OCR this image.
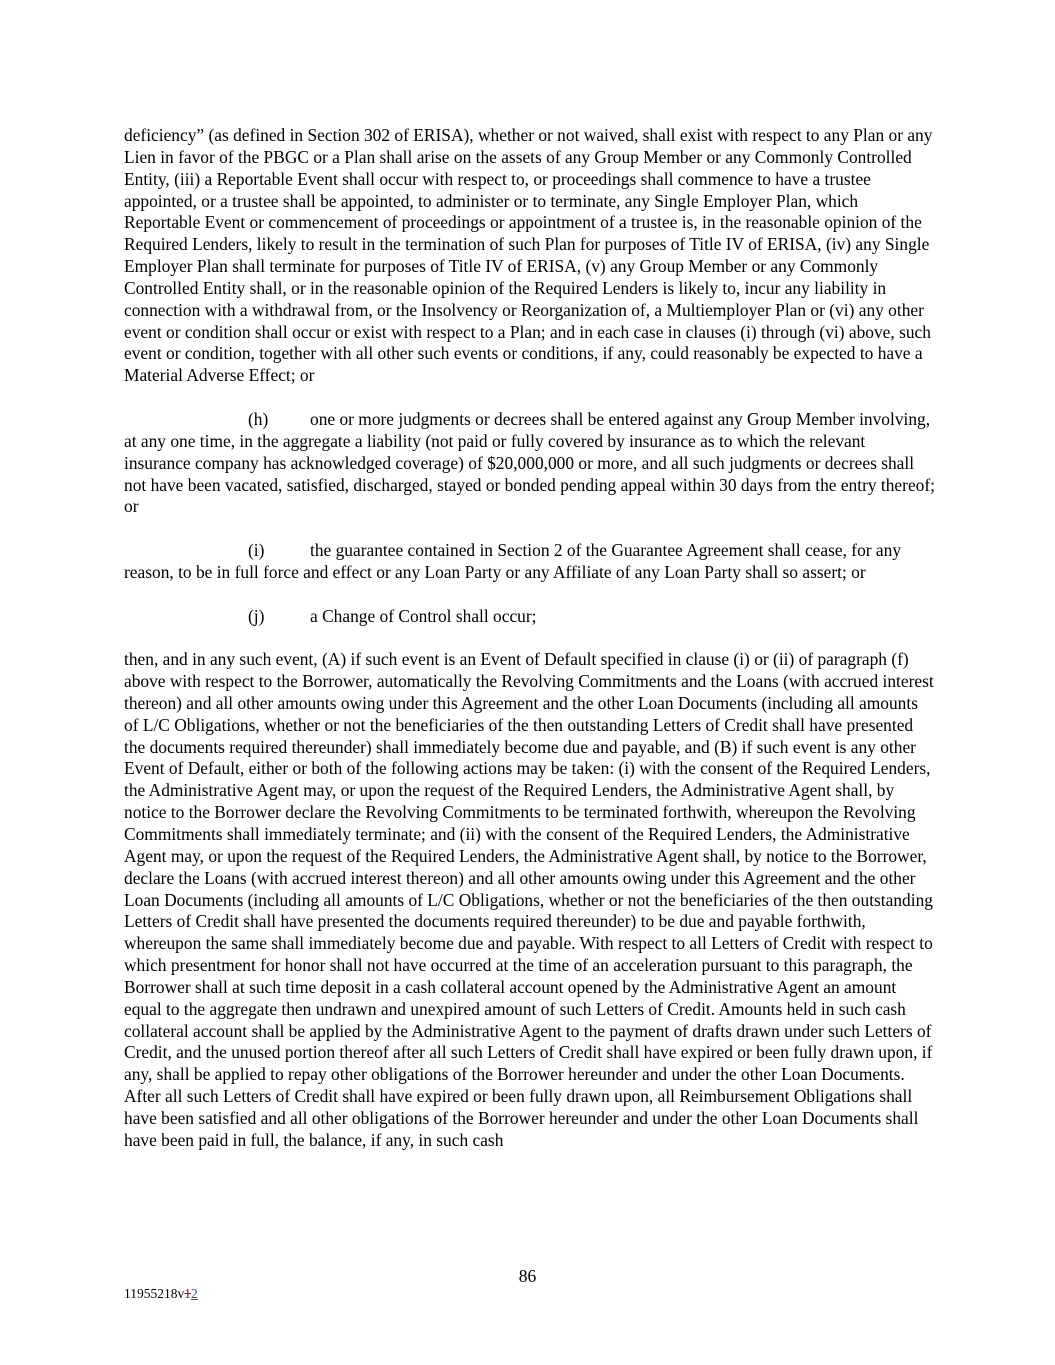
deficiency” (as defined in Section 302 of ERISA), whether or not waived, shall exist with respect to any Plan or any Lien in favor of the PBGC or a Plan shall arise on the assets of any Group Member or any Commonly Controlled Entity, (iii) a Reportable Event shall occur with respect to, or proceedings shall commence to have a trustee appointed, or a trustee shall be appointed, to administer or to terminate, any Single Employer Plan, which Reportable Event or commencement of proceedings or appointment of a trustee is, in the reasonable opinion of the Required Lenders, likely to result in the termination of such Plan for purposes of Title IV of ERISA, (iv) any Single Employer Plan shall terminate for purposes of Title IV of ERISA, (v) any Group Member or any Commonly Controlled Entity shall, or in the reasonable opinion of the Required Lenders is likely to, incur any liability in connection with a withdrawal from, or the Insolvency or Reorganization of, a Multiemployer Plan or (vi) any other event or condition shall occur or exist with respect to a Plan; and in each case in clauses (i) through (vi) above, such event or condition, together with all other such events or conditions, if any, could reasonably be expected to have a Material Adverse Effect; or

(h) one or more judgments or decrees shall be entered against any Group Member involving, at any one time, in the aggregate a liability (not paid or fully covered by insurance as to which the relevant insurance company has acknowledged coverage) of $20,000,000 or more, and all such judgments or decrees shall not have been vacated, satisfied, discharged, stayed or bonded pending appeal within 30 days from the entry thereof; or

(i)	the guarantee contained in Section 2 of the Guarantee Agreement shall cease, for any reason, to be in full force and effect or any Loan Party or any Affiliate of any Loan Party shall so assert; or

(j)	a Change of Control shall occur;

then, and in any such event, (A) if such event is an Event of Default specified in clause (i) or (ii) of paragraph (f) above with respect to the Borrower, automatically the Revolving Commitments and the Loans (with accrued interest thereon) and all other amounts owing under this Agreement and the other Loan Documents (including all amounts of L/C Obligations, whether or not the beneficiaries of the then outstanding Letters of Credit shall have presented the documents required thereunder) shall immediately become due and payable, and (B) if such event is any other Event of Default, either or both of the following actions may be taken: (i) with the consent of the Required Lenders, the Administrative Agent may, or upon the request of the Required Lenders, the Administrative Agent shall, by notice to the Borrower declare the Revolving Commitments to be terminated forthwith, whereupon the Revolving Commitments shall immediately terminate; and (ii) with the consent of the Required Lenders, the Administrative Agent may, or upon the request of the Required Lenders, the Administrative Agent shall, by notice to the Borrower, declare the Loans (with accrued interest thereon) and all other amounts owing under this Agreement and the other Loan Documents (including all amounts of L/C Obligations, whether or not the beneficiaries of the then outstanding Letters of Credit shall have presented the documents required thereunder) to be due and payable forthwith, whereupon the same shall immediately become due and payable. With respect to all Letters of Credit with respect to which presentment for honor shall not have occurred at the time of an acceleration pursuant to this paragraph, the Borrower shall at such time deposit in a cash collateral account opened by the Administrative Agent an amount equal to the aggregate then undrawn and unexpired amount of such Letters of Credit. Amounts held in such cash collateral account shall be applied by the Administrative Agent to the payment of drafts drawn under such Letters of Credit, and the unused portion thereof after all such Letters of Credit shall have expired or been fully drawn upon, if any, shall be applied to repay other obligations of the Borrower hereunder and under the other Loan Documents. After all such Letters of Credit shall have expired or been fully drawn upon, all Reimbursement Obligations shall have been satisfied and all other obligations of the Borrower hereunder and under the other Loan Documents shall have been paid in full, the balance, if any, in such cash

86
11955218v12
